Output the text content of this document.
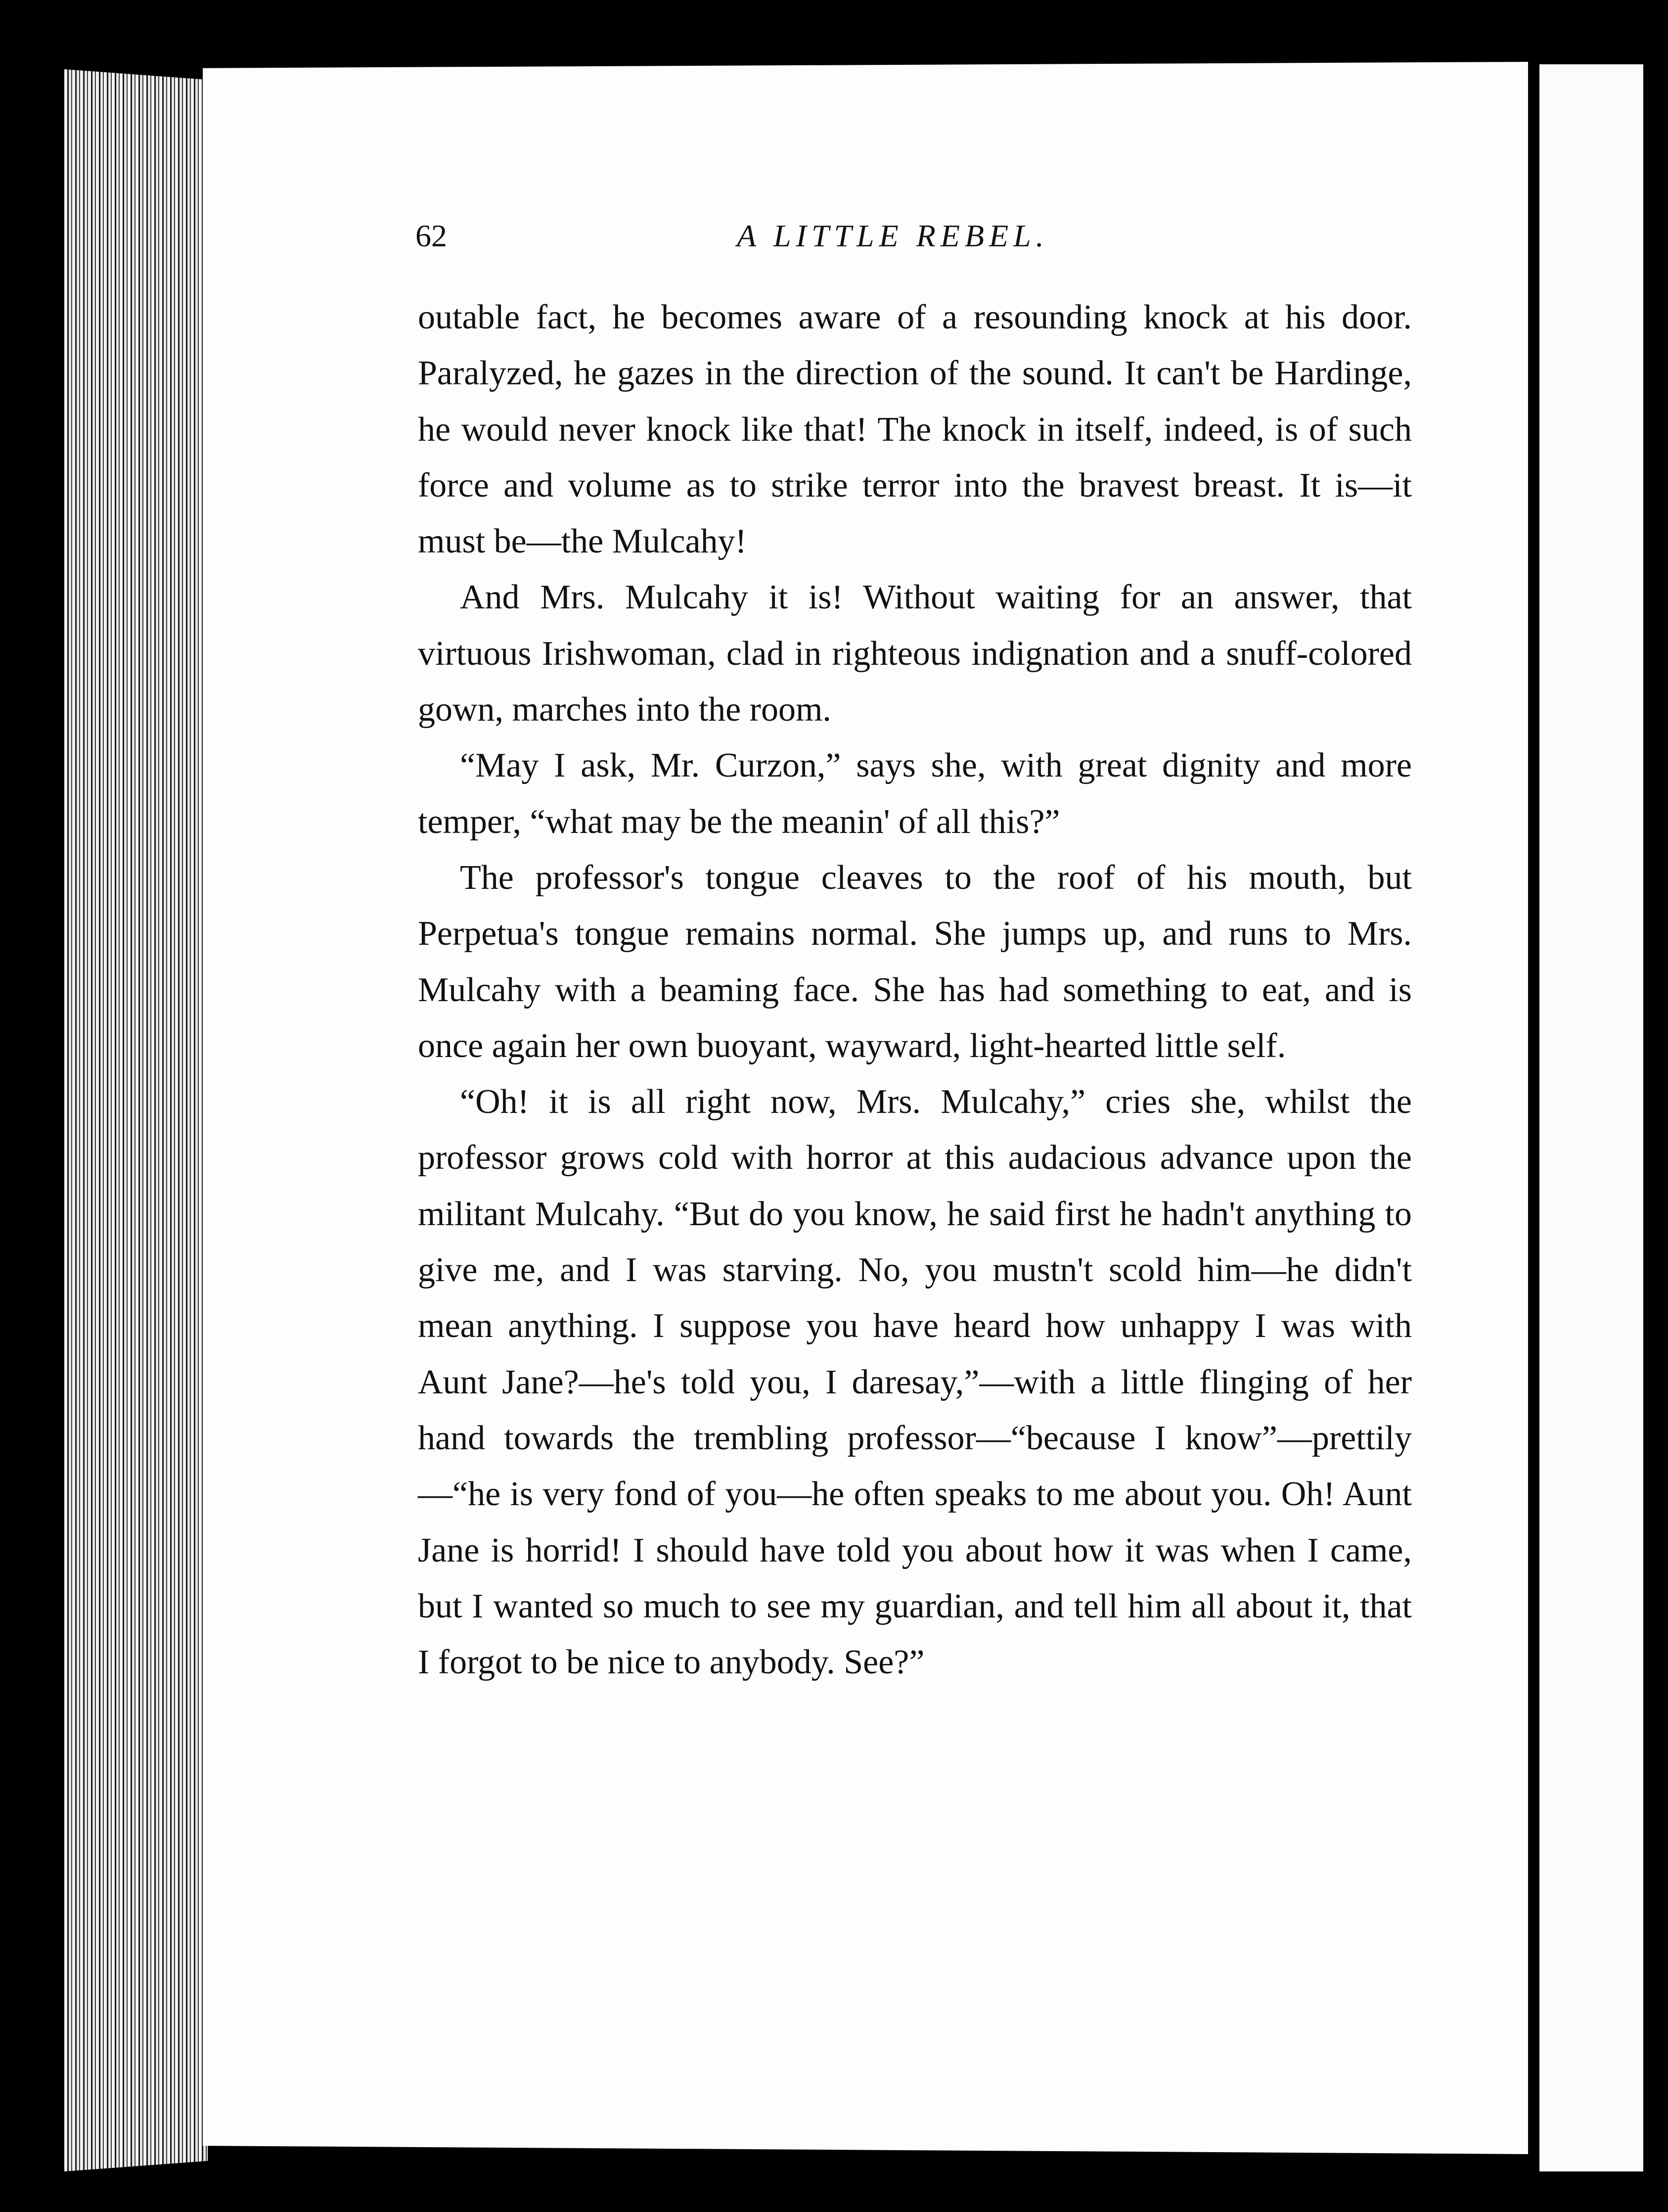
62	A LITTLE REBEL.

outable fact, he becomes aware of a resounding knock at his door. Paralyzed, he gazes in the direction of the sound. It can't be Hardinge, he would never knock like that! The knock in itself, indeed, is of such force and volume as to strike terror into the bravest breast. It is—it must be—the Mulcahy!

And Mrs. Mulcahy it is! Without waiting for an answer, that virtuous Irishwoman, clad in righteous indignation and a snuff-colored gown, marches into the room.

“May I ask, Mr. Curzon,” says she, with great dignity and more temper, “what may be the meanin' of all this?”

The professor's tongue cleaves to the roof of his mouth, but Perpetua's tongue remains normal. She jumps up, and runs to Mrs. Mulcahy with a beaming face. She has had something to eat, and is once again her own buoyant, wayward, light-hearted little self.

“Oh! it is all right now, Mrs. Mulcahy,” cries she, whilst the professor grows cold with horror at this audacious advance upon the militant Mulcahy. “But do you know, he said first he hadn't anything to give me, and I was starving. No, you mustn't scold him—he didn't mean anything. I suppose you have heard how unhappy I was with Aunt Jane?—he's told you, I daresay,”—with a little flinging of her hand towards the trembling professor—“because I know”—prettily—“he is very fond of you—he often speaks to me about you. Oh! Aunt Jane is horrid! I should have told you about how it was when I came, but I wanted so much to see my guardian, and tell him all about it, that I forgot to be nice to anybody. See?”
